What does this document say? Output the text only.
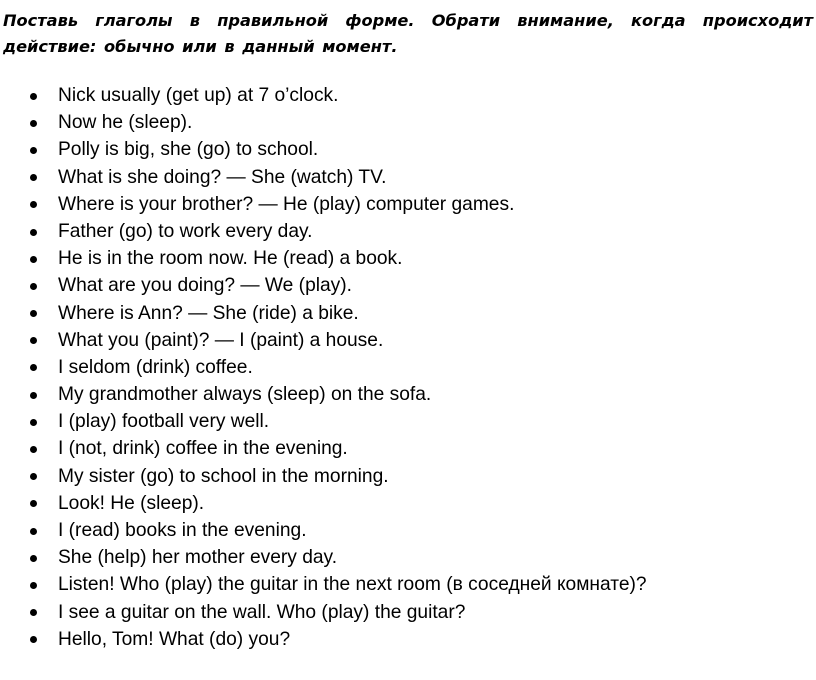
Поставь глаголы в правильной форме. Обрати внимание, когда происходит
действие: обычно или в данный момент.
Nick usually (get up) at 7 o’clock.
Now he (sleep).
Polly is big, she (go) to school.
What is she doing? — She (watch) TV.
Where is your brother? — He (play) computer games.
Father (go) to work every day.
He is in the room now. He (read) a book.
What are you doing? — We (play).
Where is Ann? — She (ride) a bike.
What you (paint)? — I (paint) a house.
I seldom (drink) coffee.
My grandmother always (sleep) on the sofa.
I (play) football very well.
I (not, drink) coffee in the evening.
My sister (go) to school in the morning.
Look! He (sleep).
I (read) books in the evening.
She (help) her mother every day.
Listen! Who (play) the guitar in the next room (в соседней комнате)?
I see a guitar on the wall. Who (play) the guitar?
Hello, Tom! What (do) you?
